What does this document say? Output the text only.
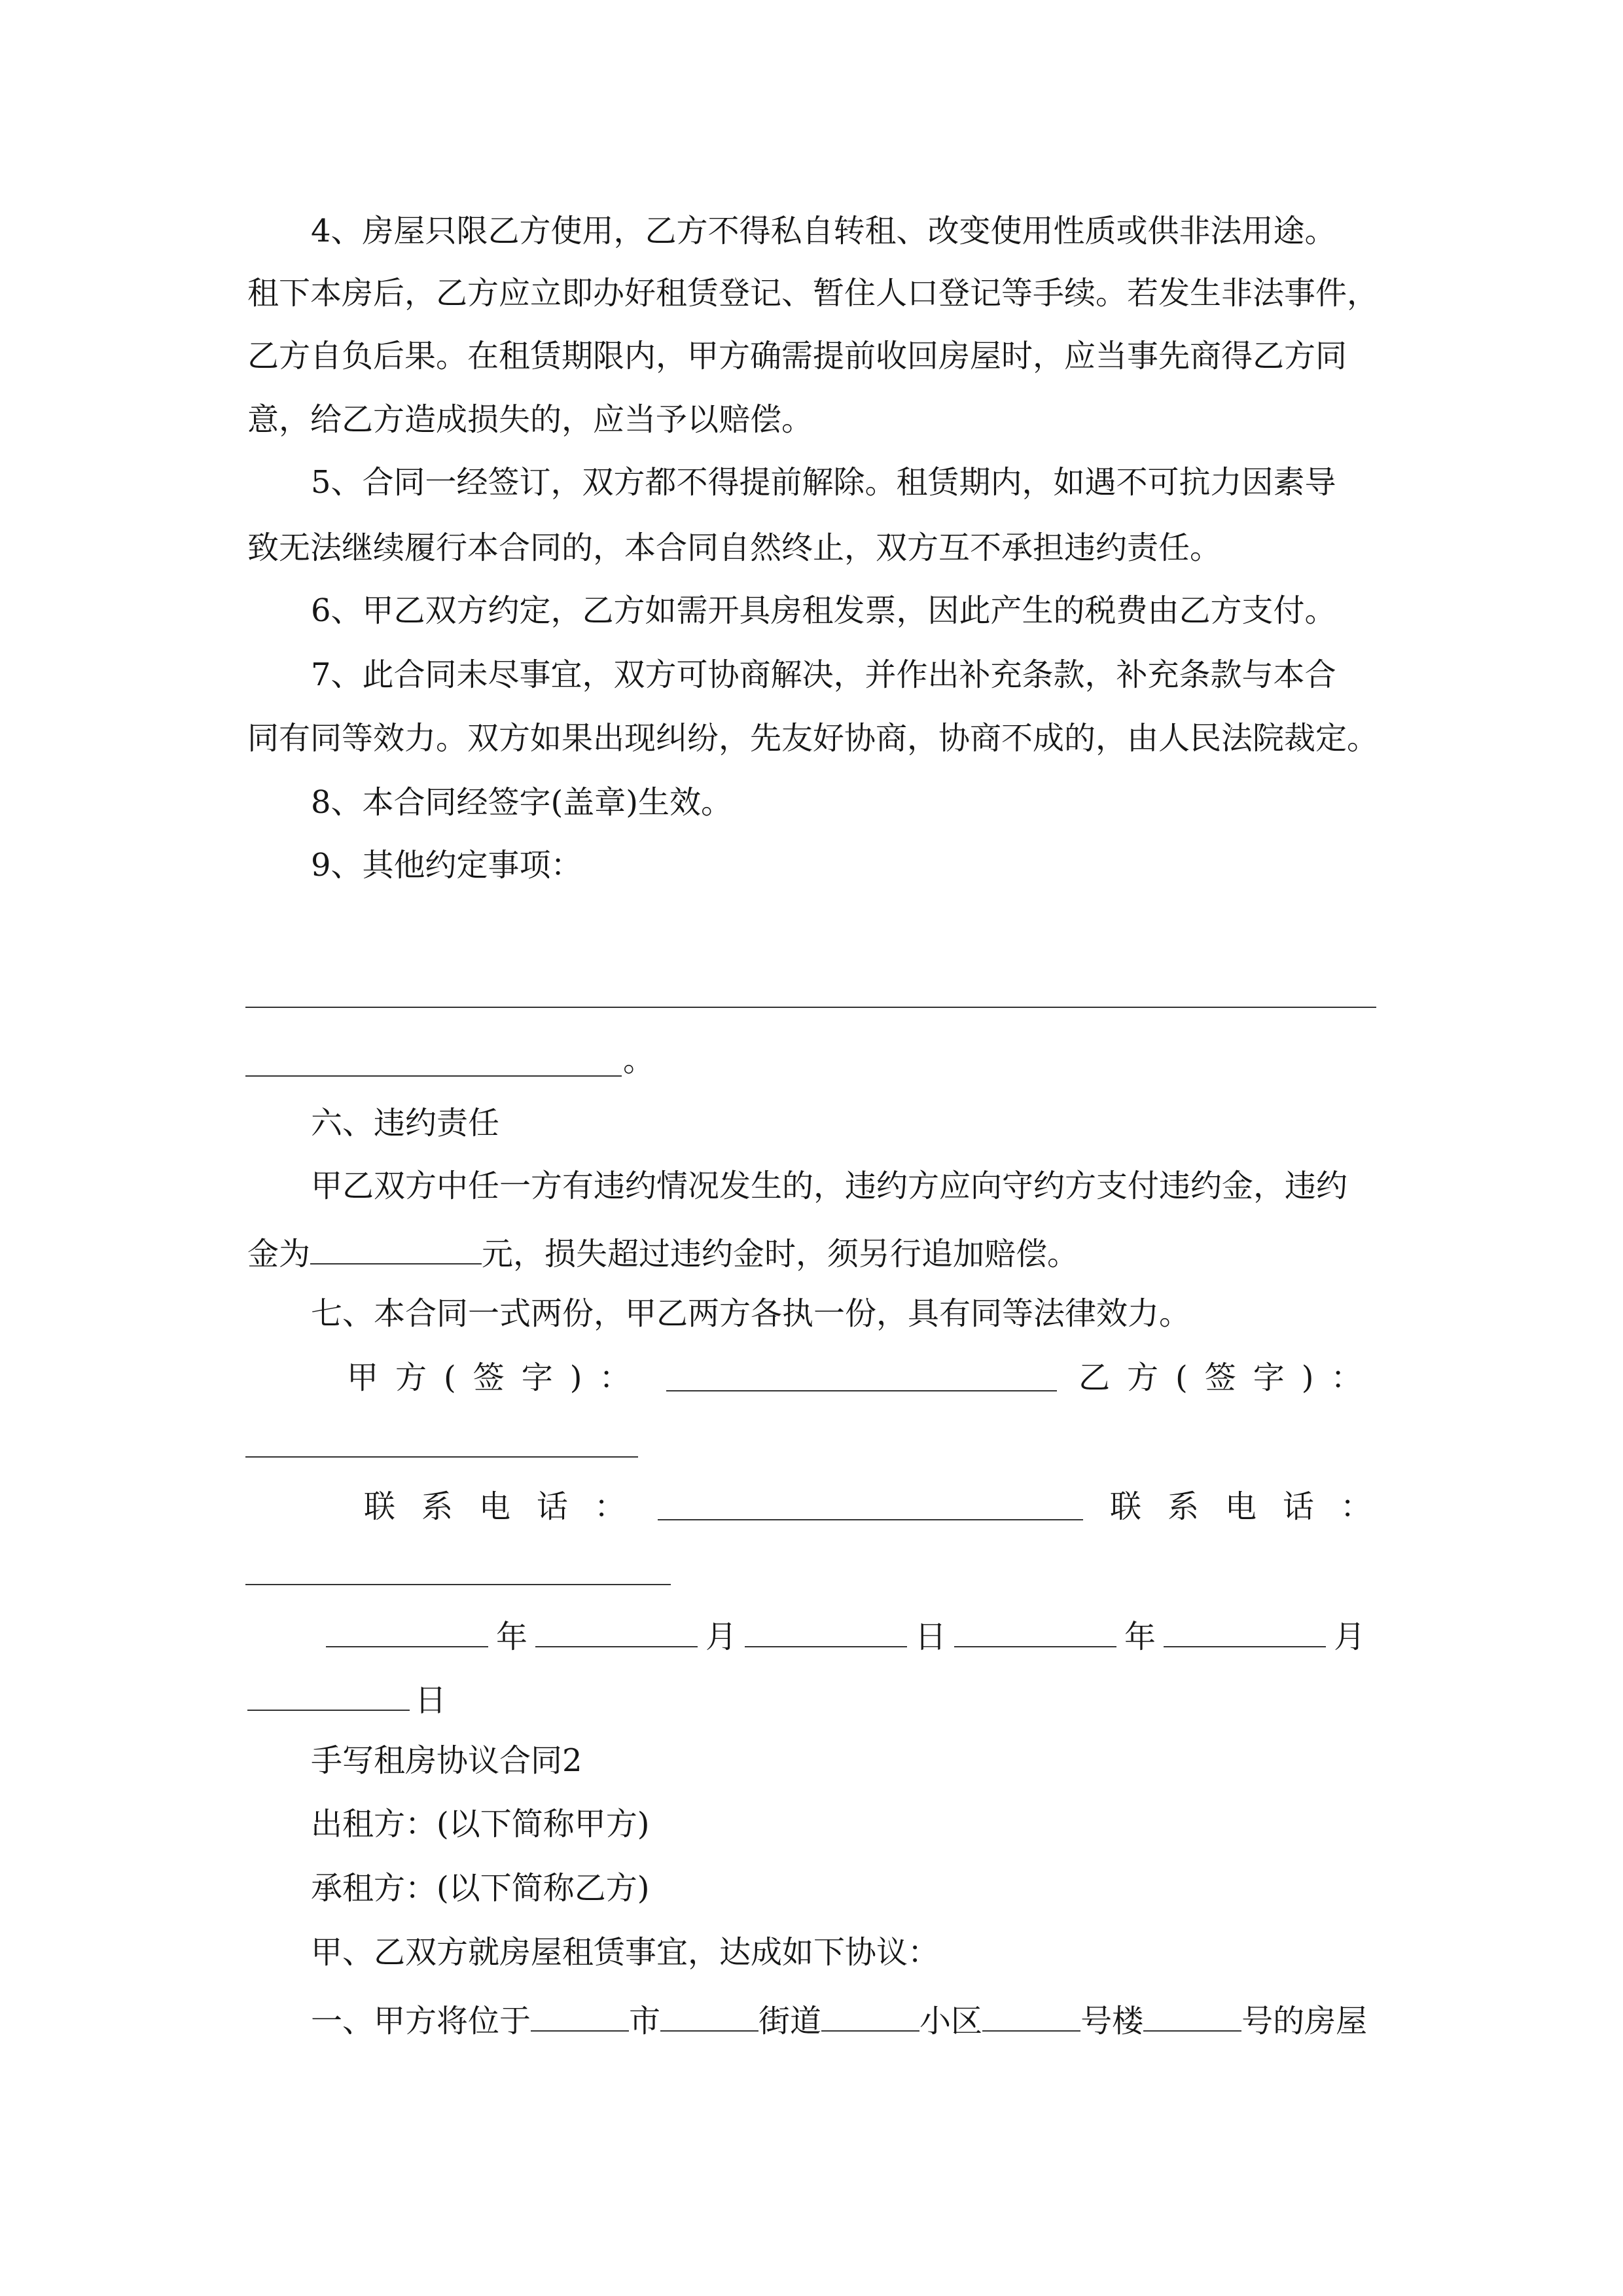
4、房屋只限乙方使用，乙方不得私自转租、改变使用性质或供非法用途。
租下本房后，乙方应立即办好租赁登记、暂住人口登记等手续。若发生非法事件，
乙方自负后果。在租赁期限内，甲方确需提前收回房屋时，应当事先商得乙方同
意，给乙方造成损失的，应当予以赔偿。
5、合同一经签订，双方都不得提前解除。租赁期内，如遇不可抗力因素导
致无法继续履行本合同的，本合同自然终止，双方互不承担违约责任。
6、甲乙双方约定，乙方如需开具房租发票，因此产生的税费由乙方支付。
7、此合同未尽事宜，双方可协商解决，并作出补充条款，补充条款与本合
同有同等效力。双方如果出现纠纷，先友好协商，协商不成的，由人民法院裁定。
8、本合同经签字(盖章)生效。
9、其他约定事项：
。
六、违约责任
甲乙双方中任一方有违约情况发生的，违约方应向守约方支付违约金，违约
金为	元，损失超过违约金时，须另行追加赔偿。
七、本合同一式两份，甲乙两方各执一份，具有同等法律效力。
甲方(签字)：	乙方(签字)：
联系电话：	联系电话：
年	月	日	年	月
日
手写租房协议合同2
出租方：(以下简称甲方)
承租方：(以下简称乙方)
甲、乙双方就房屋租赁事宜，达成如下协议：
一、甲方将位于	市	街道	小区	号楼	号的房屋
